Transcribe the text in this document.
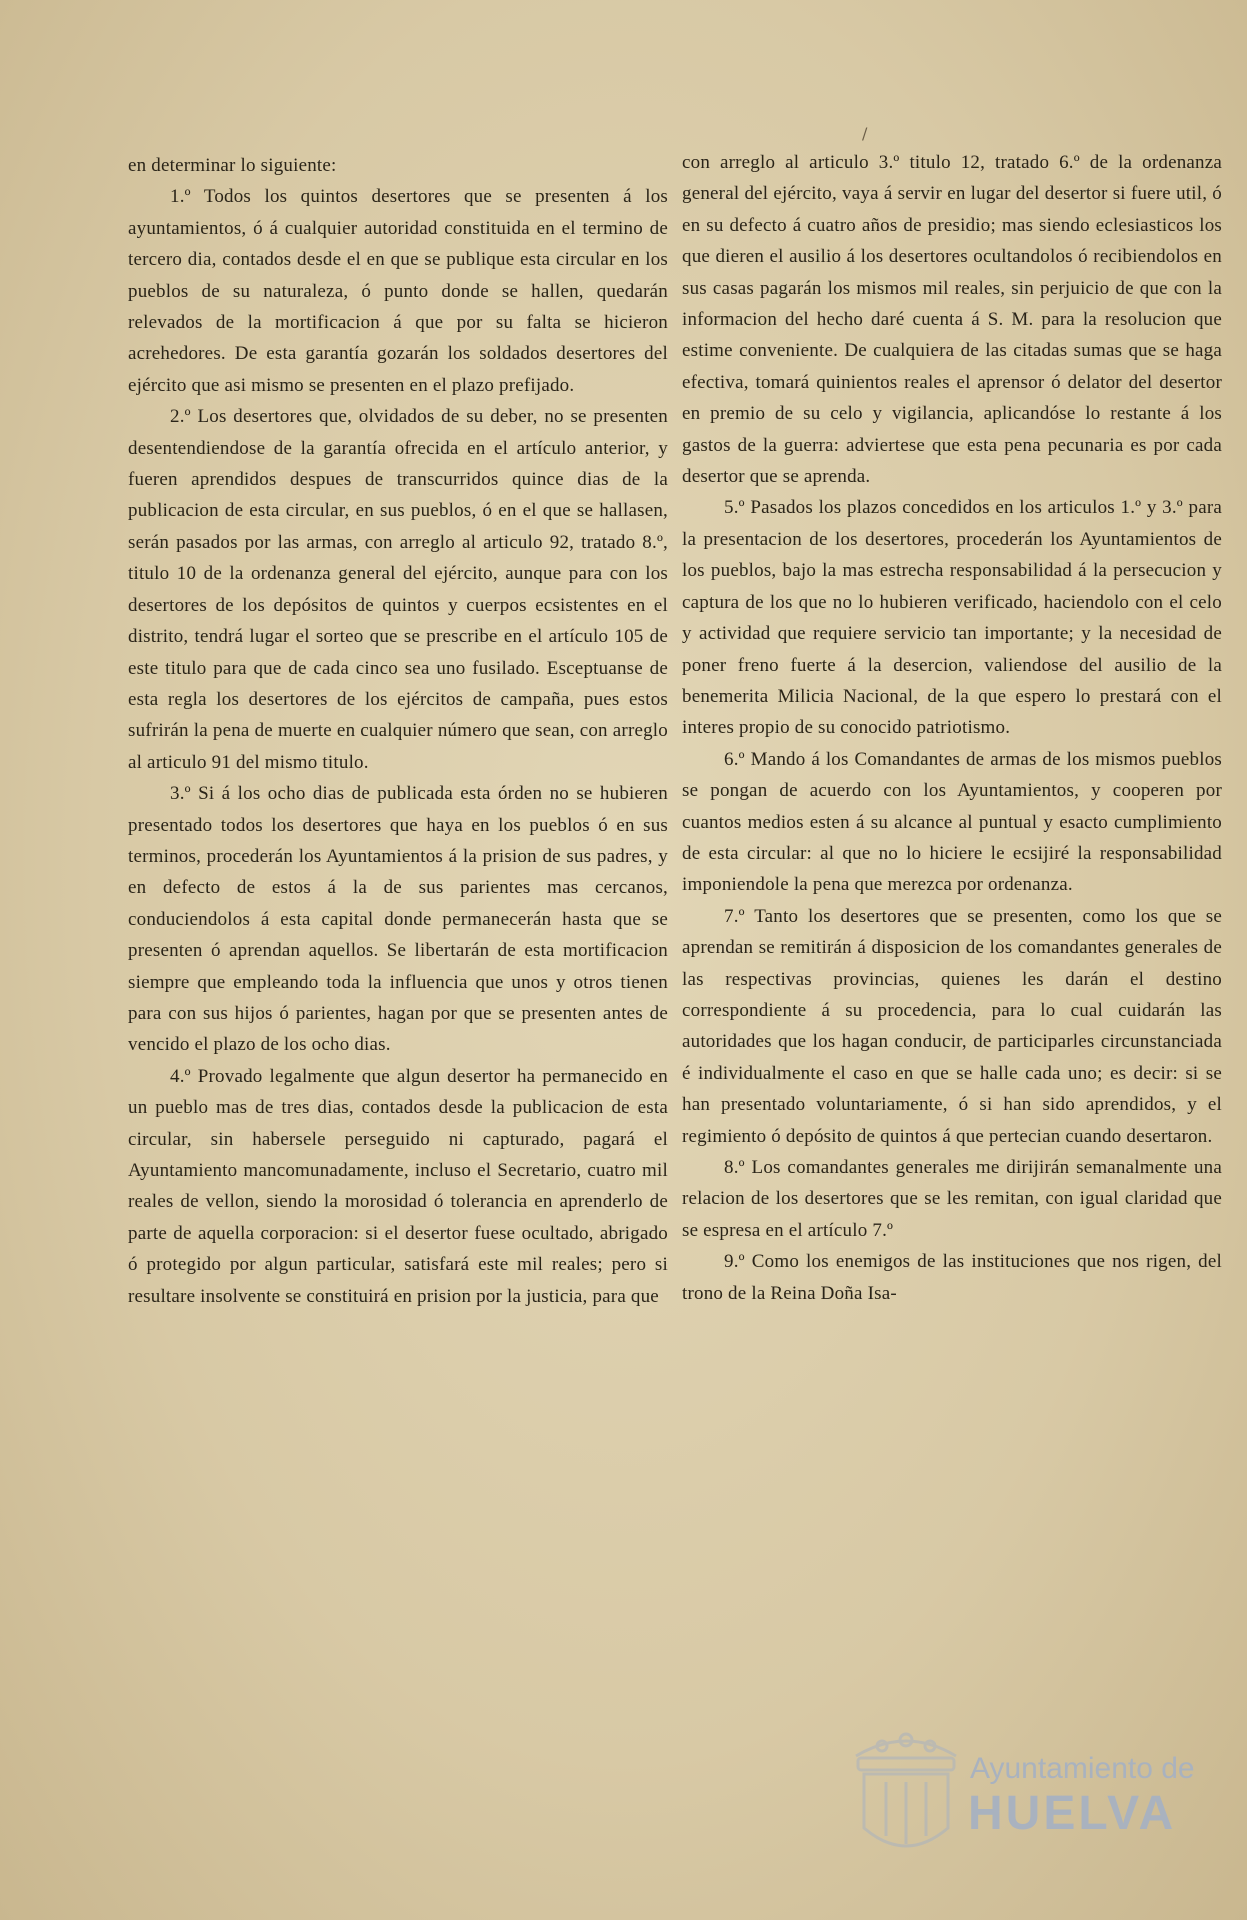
/

en determinar lo siguiente:

1.º Todos los quintos desertores que se presenten á los ayuntamientos, ó á cualquier autoridad constituida en el termino de tercero dia, contados desde el en que se publique esta circular en los pueblos de su naturaleza, ó punto donde se hallen, quedarán relevados de la mortificacion á que por su falta se hicieron acrehedores. De esta garantía gozarán los soldados desertores del ejército que asi mismo se presenten en el plazo prefijado.

2.º Los desertores que, olvidados de su deber, no se presenten desentendiendose de la garantía ofrecida en el artículo anterior, y fueren aprendidos despues de transcurridos quince dias de la publicacion de esta circular, en sus pueblos, ó en el que se hallasen, serán pasados por las armas, con arreglo al articulo 92, tratado 8.º, titulo 10 de la ordenanza general del ejército, aunque para con los desertores de los depósitos de quintos y cuerpos ecsistentes en el distrito, tendrá lugar el sorteo que se prescribe en el artículo 105 de este titulo para que de cada cinco sea uno fusilado. Esceptuanse de esta regla los desertores de los ejércitos de campaña, pues estos sufrirán la pena de muerte en cualquier número que sean, con arreglo al articulo 91 del mismo titulo.

3.º Si á los ocho dias de publicada esta órden no se hubieren presentado todos los desertores que haya en los pueblos ó en sus terminos, procederán los Ayuntamientos á la prision de sus padres, y en defecto de estos á la de sus parientes mas cercanos, conduciendolos á esta capital donde permanecerán hasta que se presenten ó aprendan aquellos. Se libertarán de esta mortificacion siempre que empleando toda la influencia que unos y otros tienen para con sus hijos ó parientes, hagan por que se presenten antes de vencido el plazo de los ocho dias.

4.º Provado legalmente que algun desertor ha permanecido en un pueblo mas de tres dias, contados desde la publicacion de esta circular, sin habersele perseguido ni capturado, pagará el Ayuntamiento mancomunadamente, incluso el Secretario, cuatro mil reales de vellon, siendo la morosidad ó tolerancia en aprenderlo de parte de aquella corporacion: si el desertor fuese ocultado, abrigado ó protegido por algun particular, satisfará este mil reales; pero si resultare insolvente se constituirá en prision por la justicia, para que

con arreglo al articulo 3.º titulo 12, tratado 6.º de la ordenanza general del ejército, vaya á servir en lugar del desertor si fuere util, ó en su defecto á cuatro años de presidio; mas siendo eclesiasticos los que dieren el ausilio á los desertores ocultandolos ó recibiendolos en sus casas pagarán los mismos mil reales, sin perjuicio de que con la informacion del hecho daré cuenta á S. M. para la resolucion que estime conveniente. De cualquiera de las citadas sumas que se haga efectiva, tomará quinientos reales el aprensor ó delator del desertor en premio de su celo y vigilancia, aplicandóse lo restante á los gastos de la guerra: adviertese que esta pena pecunaria es por cada desertor que se aprenda.

5.º Pasados los plazos concedidos en los articulos 1.º y 3.º para la presentacion de los desertores, procederán los Ayuntamientos de los pueblos, bajo la mas estrecha responsabilidad á la persecucion y captura de los que no lo hubieren verificado, haciendolo con el celo y actividad que requiere servicio tan importante; y la necesidad de poner freno fuerte á la desercion, valiendose del ausilio de la benemerita Milicia Nacional, de la que espero lo prestará con el interes propio de su conocido patriotismo.

6.º Mando á los Comandantes de armas de los mismos pueblos se pongan de acuerdo con los Ayuntamientos, y cooperen por cuantos medios esten á su alcance al puntual y esacto cumplimiento de esta circular: al que no lo hiciere le ecsijiré la responsabilidad imponiendole la pena que merezca por ordenanza.

7.º Tanto los desertores que se presenten, como los que se aprendan se remitirán á disposicion de los comandantes generales de las respectivas provincias, quienes les darán el destino correspondiente á su procedencia, para lo cual cuidarán las autoridades que los hagan conducir, de participarles circunstanciada é individualmente el caso en que se halle cada uno; es decir: si se han presentado voluntariamente, ó si han sido aprendidos, y el regimiento ó depósito de quintos á que pertecian cuando desertaron.

8.º Los comandantes generales me dirijirán semanalmente una relacion de los desertores que se les remitan, con igual claridad que se espresa en el artículo 7.º

9.º Como los enemigos de las instituciones que nos rigen, del trono de la Reina Doña Isa-

Ayuntamiento de
HUELVA
